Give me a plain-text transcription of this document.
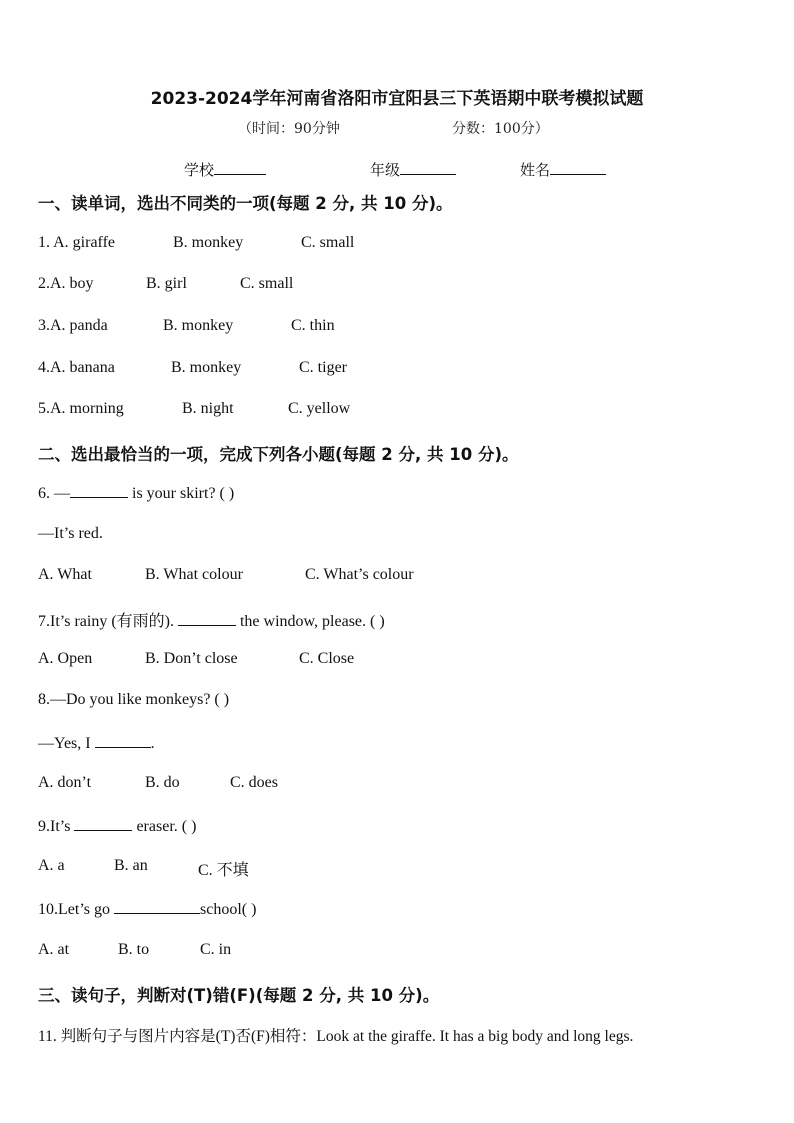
2023-2024学年河南省洛阳市宜阳县三下英语期中联考模拟试题
（时间：90分钟	分数：100分）
学校	年级	姓名
一、读单词，选出不同类的一项(每题 2 分, 共 10 分)。
1. A. giraffe	B. monkey	C. small
2.A. boy	B. girl	C. small
3.A. panda	B. monkey	C. thin
4.A. banana	B. monkey	C. tiger
5.A. morning	B. night	C. yellow
二、选出最恰当的一项，完成下列各小题(每题 2 分, 共 10 分)。
6. —	is your skirt? ( )
—It’s red.
A. What	B. What colour	C. What’s colour
7.It’s rainy (有雨的).	the window, please. ( )
A. Open	B. Don’t close	C. Close
8.—Do you like monkeys? ( )
—Yes, I	.
A. don’t	B. do	C. does
9.It’s	eraser. ( )
A. a	B. an	C. 不填
10.Let’s go	school( )
A. at	B. to	C. in
三、读句子，判断对(T)错(F)(每题 2 分, 共 10 分)。
11. 判断句子与图片内容是(T)否(F)相符：Look at the giraffe. It has a big body and long legs.
